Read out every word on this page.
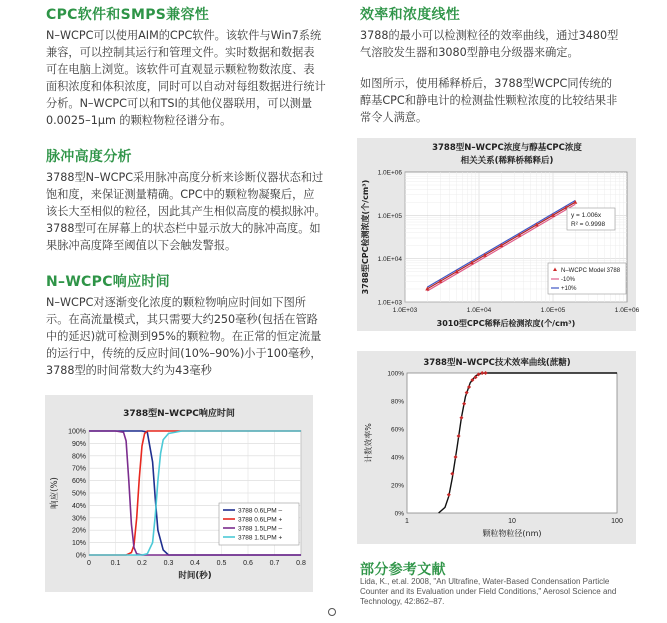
CPC软件和SMPS兼容性
N–WCPC可以使用AIM的CPC软件。该软件与Win7系统
兼容，可以控制其运行和管理文件。实时数据和数据表
可在电脑上浏览。该软件可直观显示颗粒物数浓度、表
面积浓度和体积浓度，同时可以自动对每组数据进行统计
分析。N–WCPC可以和TSI的其他仪器联用，可以测量
0.0025–1μm 的颗粒物粒径谱分布。
脉冲高度分析
3788型N–WCPC采用脉冲高度分析来诊断仪器状态和过
饱和度，来保证测量精确。CPC中的颗粒物凝聚后，应
该长大至相似的粒径，因此其产生相似高度的模拟脉冲。
3788型可在屏幕上的状态栏中显示放大的脉冲高度。如
果脉冲高度降至阈值以下会触发警报。
N–WCPC响应时间
N–WCPC对逐渐变化浓度的颗粒物响应时间如下图所
示。在高流量模式，其只需要大约250毫秒(包括在管路
中的延迟)就可检测到95%的颗粒物。在正常的恒定流量
的运行中，传统的反应时间(10%–90%)小于100毫秒，
3788型的时间常数大约为43毫秒
3788型N–WCPC响应时间
0%
10%
20%
30%
40%
50%
60%
70%
80%
90%
100%
0	0.1 0.2 0.3 0.4 0.5 0.6 0.7 0.8
时间(秒)
响应(%)
3788 0.6LPM –
3788 0.6LPM +
3788 1.5LPM –
3788 1.5LPM +
效率和浓度线性
3788的最小可以检测粒径的效率曲线，通过3480型
气溶胶发生器和3080型静电分级器来确定。
如图所示，使用稀释桥后，3788型WCPC同传统的
醇基CPC和静电计的检测盐性颗粒浓度的比较结果非
常令人满意。
3788型N–WCPC浓度与醇基CPC浓度
相关关系(稀释桥稀释后)
1.0E+03	1.0E+04	1.0E+05	1.0E+06
1.0E+03
1.0E+04
1.0E+05
1.0E+06
3010型CPC稀释后检测浓度(个/cm³)
3788型CPC检测浓度(个/cm³)	y = 1.006x
R² = 0.9998
N–WCPC Model 3788
-10%
+10%
3788型N–WCPC技术效率曲线(蔗糖)
0%
20%
40%
60%
80%
100%
1	10	100
颗粒物粒径(nm)
计数效率%
部分参考文献
Lida, K., et.al. 2008, "An Ultrafine, Water-Based Condensation Particle
Counter and its Evaluation under Field Conditions," Aerosol Science and
Technology, 42:862–87.
